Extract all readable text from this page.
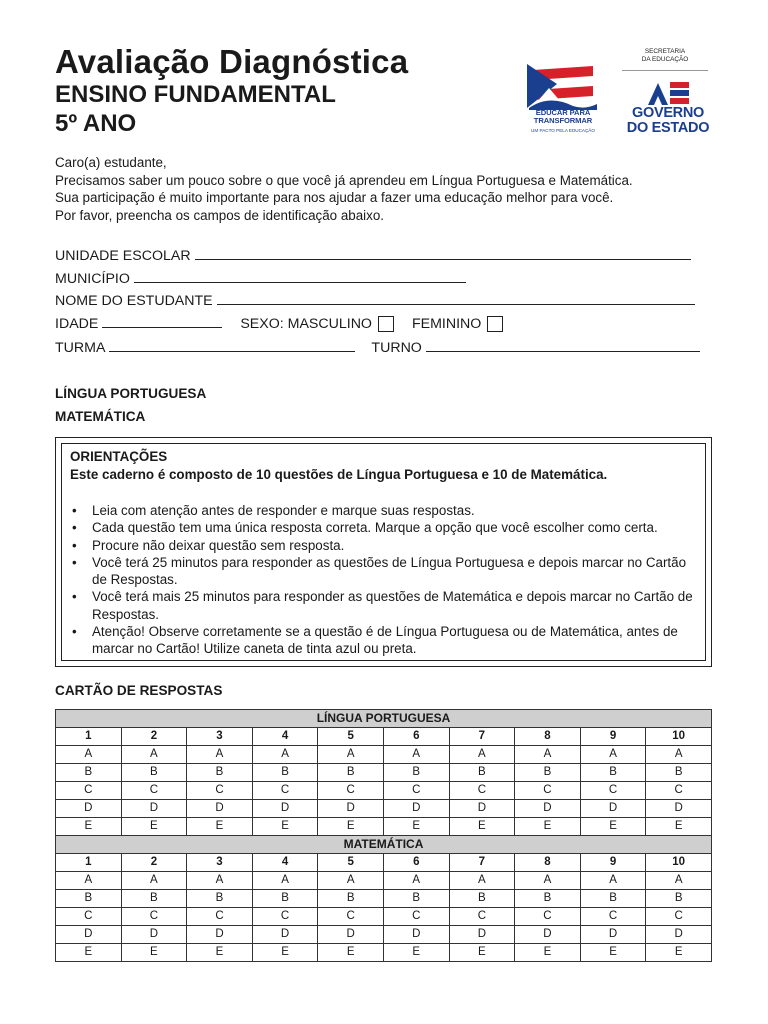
Avaliação Diagnóstica
ENSINO FUNDAMENTAL
5º ANO	EDUCAR PARA
TRANSFORMAR
UM PACTO PELA EDUCAÇÃO
SECRETARIA
DA EDUCAÇÃO
GOVERNO
DO ESTADO

Caro(a) estudante,

Precisamos saber um pouco sobre o que você já aprendeu em Língua Portuguesa e Matemática.

Sua participação é muito importante para nos ajudar a fazer uma educação melhor para você.

Por favor, preencha os campos de identificação abaixo.

UNIDADE ESCOLAR
MUNICÍPIO
NOME DO ESTUDANTE
IDADE	SEXO: MASCULINO	FEMININO
TURMA	TURNO
LÍNGUA PORTUGUESA
MATEMÁTICA
ORIENTAÇÕES
Este caderno é composto de 10 questões de Língua Portuguesa e 10 de Matemática.
• Leia com atenção antes de responder e marque suas respostas.
• Cada questão tem uma única resposta correta. Marque a opção que você escolher como certa.
• Procure não deixar questão sem resposta.
• Você terá 25 minutos para responder as questões de Língua Portuguesa e depois marcar no Cartão de Respostas.
• Você terá mais 25 minutos para responder as questões de Matemática e depois marcar no Cartão de Respostas.
• Atenção! Observe corretamente se a questão é de Língua Portuguesa ou de Matemática, antes de marcar no Cartão! Utilize caneta de tinta azul ou preta.
CARTÃO DE RESPOSTAS
LÍNGUA PORTUGUESA									
1	2	3	4	5	6	7	8	9	10
A	A	A	A	A	A	A	A	A	A
B	B	B	B	B	B	B	B	B	B
C	C	C	C	C	C	C	C	C	C
D	D	D	D	D	D	D	D	D	D
E	E	E	E	E	E	E	E	E	E
MATEMÁTICA									
1	2	3	4	5	6	7	8	9	10
A	A	A	A	A	A	A	A	A	A
B	B	B	B	B	B	B	B	B	B
C	C	C	C	C	C	C	C	C	C
D	D	D	D	D	D	D	D	D	D
E	E	E	E	E	E	E	E	E	E
